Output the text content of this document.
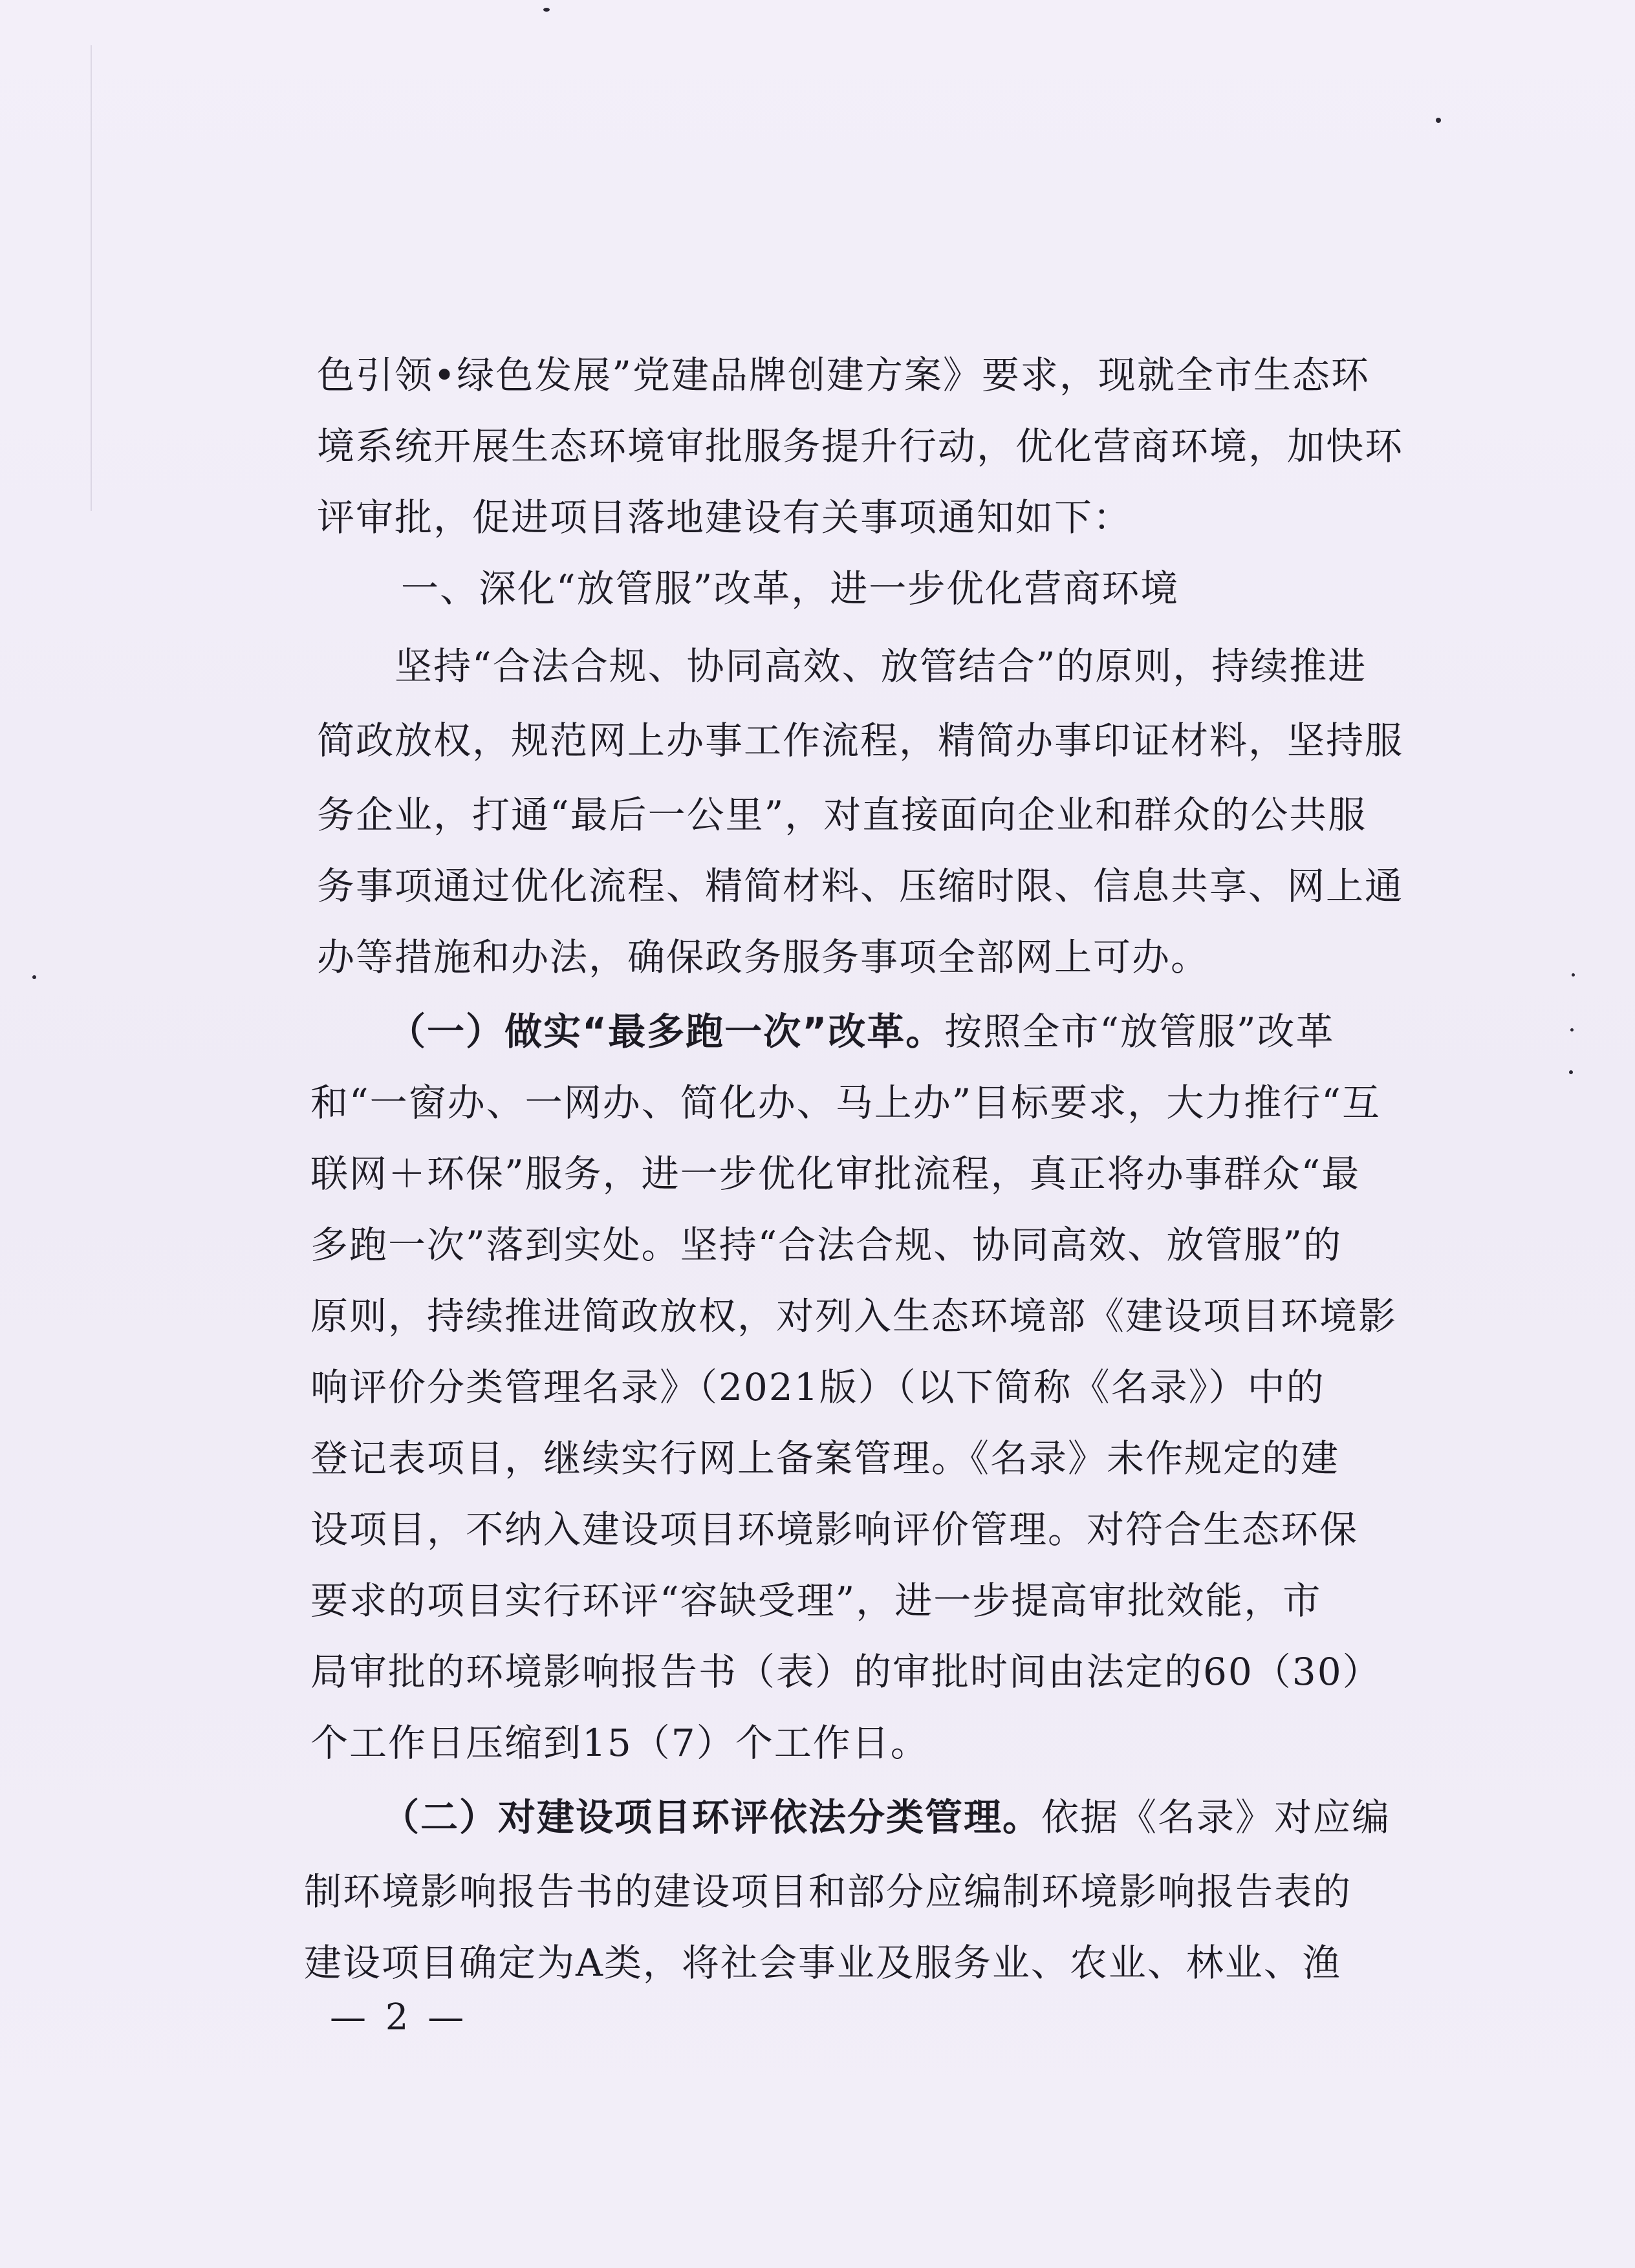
色引领•绿色发展”党建品牌创建方案》要求，现就全市生态环
境系统开展生态环境审批服务提升行动，优化营商环境，加快环
评审批，促进项目落地建设有关事项通知如下：
一、深化“放管服”改革，进一步优化营商环境
坚持“合法合规、协同高效、放管结合”的原则，持续推进
简政放权，规范网上办事工作流程，精简办事印证材料，坚持服
务企业，打通“最后一公里”，对直接面向企业和群众的公共服
务事项通过优化流程、精简材料、压缩时限、信息共享、网上通
办等措施和办法，确保政务服务事项全部网上可办。
（一）做实“最多跑一次”改革。按照全市“放管服”改革
和“一窗办、一网办、简化办、马上办”目标要求，大力推行“互
联网＋环保”服务，进一步优化审批流程，真正将办事群众“最
多跑一次”落到实处。坚持“合法合规、协同高效、放管服”的
原则，持续推进简政放权，对列入生态环境部《建设项目环境影
响评价分类管理名录》（2021版）（以下简称《名录》）中的
登记表项目，继续实行网上备案管理。《名录》未作规定的建
设项目，不纳入建设项目环境影响评价管理。对符合生态环保
要求的项目实行环评“容缺受理”，进一步提高审批效能，市
局审批的环境影响报告书（表）的审批时间由法定的60（30）
个工作日压缩到15（7）个工作日。
（二）对建设项目环评依法分类管理。依据《名录》对应编
制环境影响报告书的建设项目和部分应编制环境影响报告表的
建设项目确定为A类，将社会事业及服务业、农业、林业、渔
— 2 —
